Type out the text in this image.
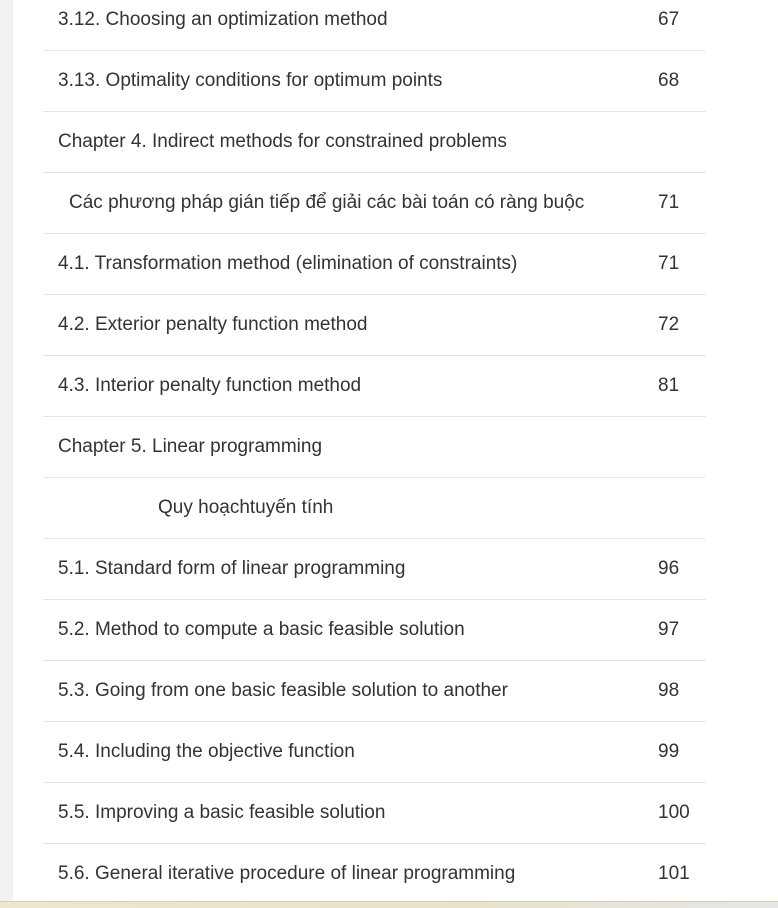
3.12. Choosing an optimization method	67
3.13. Optimality conditions for optimum points	68
Chapter 4. Indirect methods for constrained problems
Các phương pháp gián tiếp để giải các bài toán có ràng buộc	71
4.1. Transformation method (elimination of constraints)	71
4.2. Exterior penalty function method	72
4.3. Interior penalty function method	81
Chapter 5. Linear programming
Quy hoạchtuyến tính
5.1. Standard form of linear programming	96
5.2. Method to compute a basic feasible solution	97
5.3. Going from one basic feasible solution to another	98
5.4. Including the objective function	99
5.5. Improving a basic feasible solution	100
5.6. General iterative procedure of linear programming	101
